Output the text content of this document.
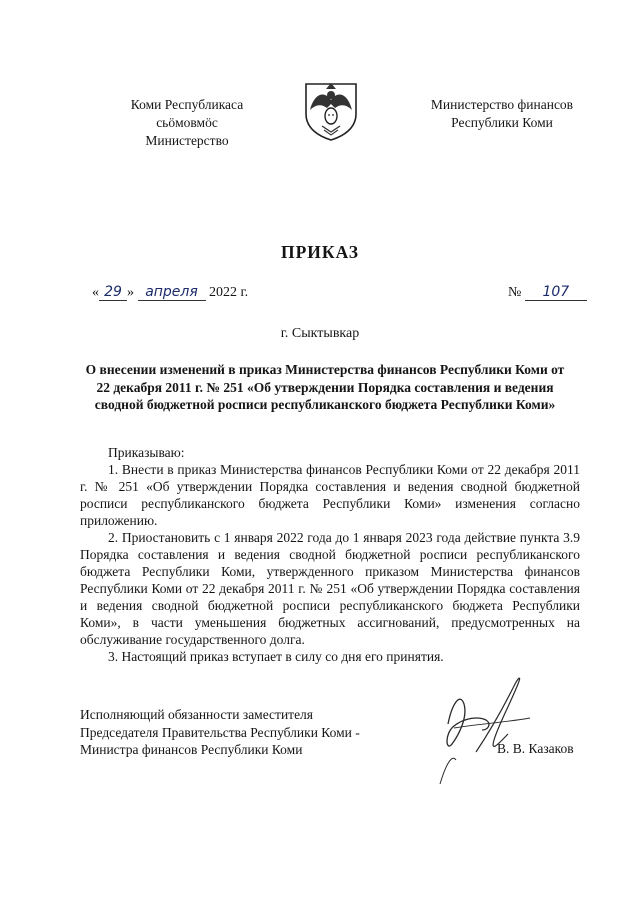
Коми Республикаса
сьӧмовмӧс
Министерство
Министерство финансов
Республики Коми
ПРИКАЗ
« 29 » апреля 2022 г.	№ 107
г. Сыктывкар
О внесении изменений в приказ Министерства финансов Республики Коми от 22 декабря 2011 г. № 251 «Об утверждении Порядка составления и ведения сводной бюджетной росписи республиканского бюджета Республики Коми»

Приказываю:

1. Внести в приказ Министерства финансов Республики Коми от 22 декабря 2011 г. № 251 «Об утверждении Порядка составления и ведения сводной бюджетной росписи республиканского бюджета Республики Коми» изменения согласно приложению.

2. Приостановить с 1 января 2022 года до 1 января 2023 года действие пункта 3.9 Порядка составления и ведения сводной бюджетной росписи республиканского бюджета Республики Коми, утвержденного приказом Министерства финансов Республики Коми от 22 декабря 2011 г. № 251 «Об утверждении Порядка составления и ведения сводной бюджетной росписи республиканского бюджета Республики Коми», в части уменьшения бюджетных ассигнований, предусмотренных на обслуживание государственного долга.

3. Настоящий приказ вступает в силу со дня его принятия.

Исполняющий обязанности заместителя
Председателя Правительства Республики Коми -
Министра финансов Республики Коми	В. В. Казаков
